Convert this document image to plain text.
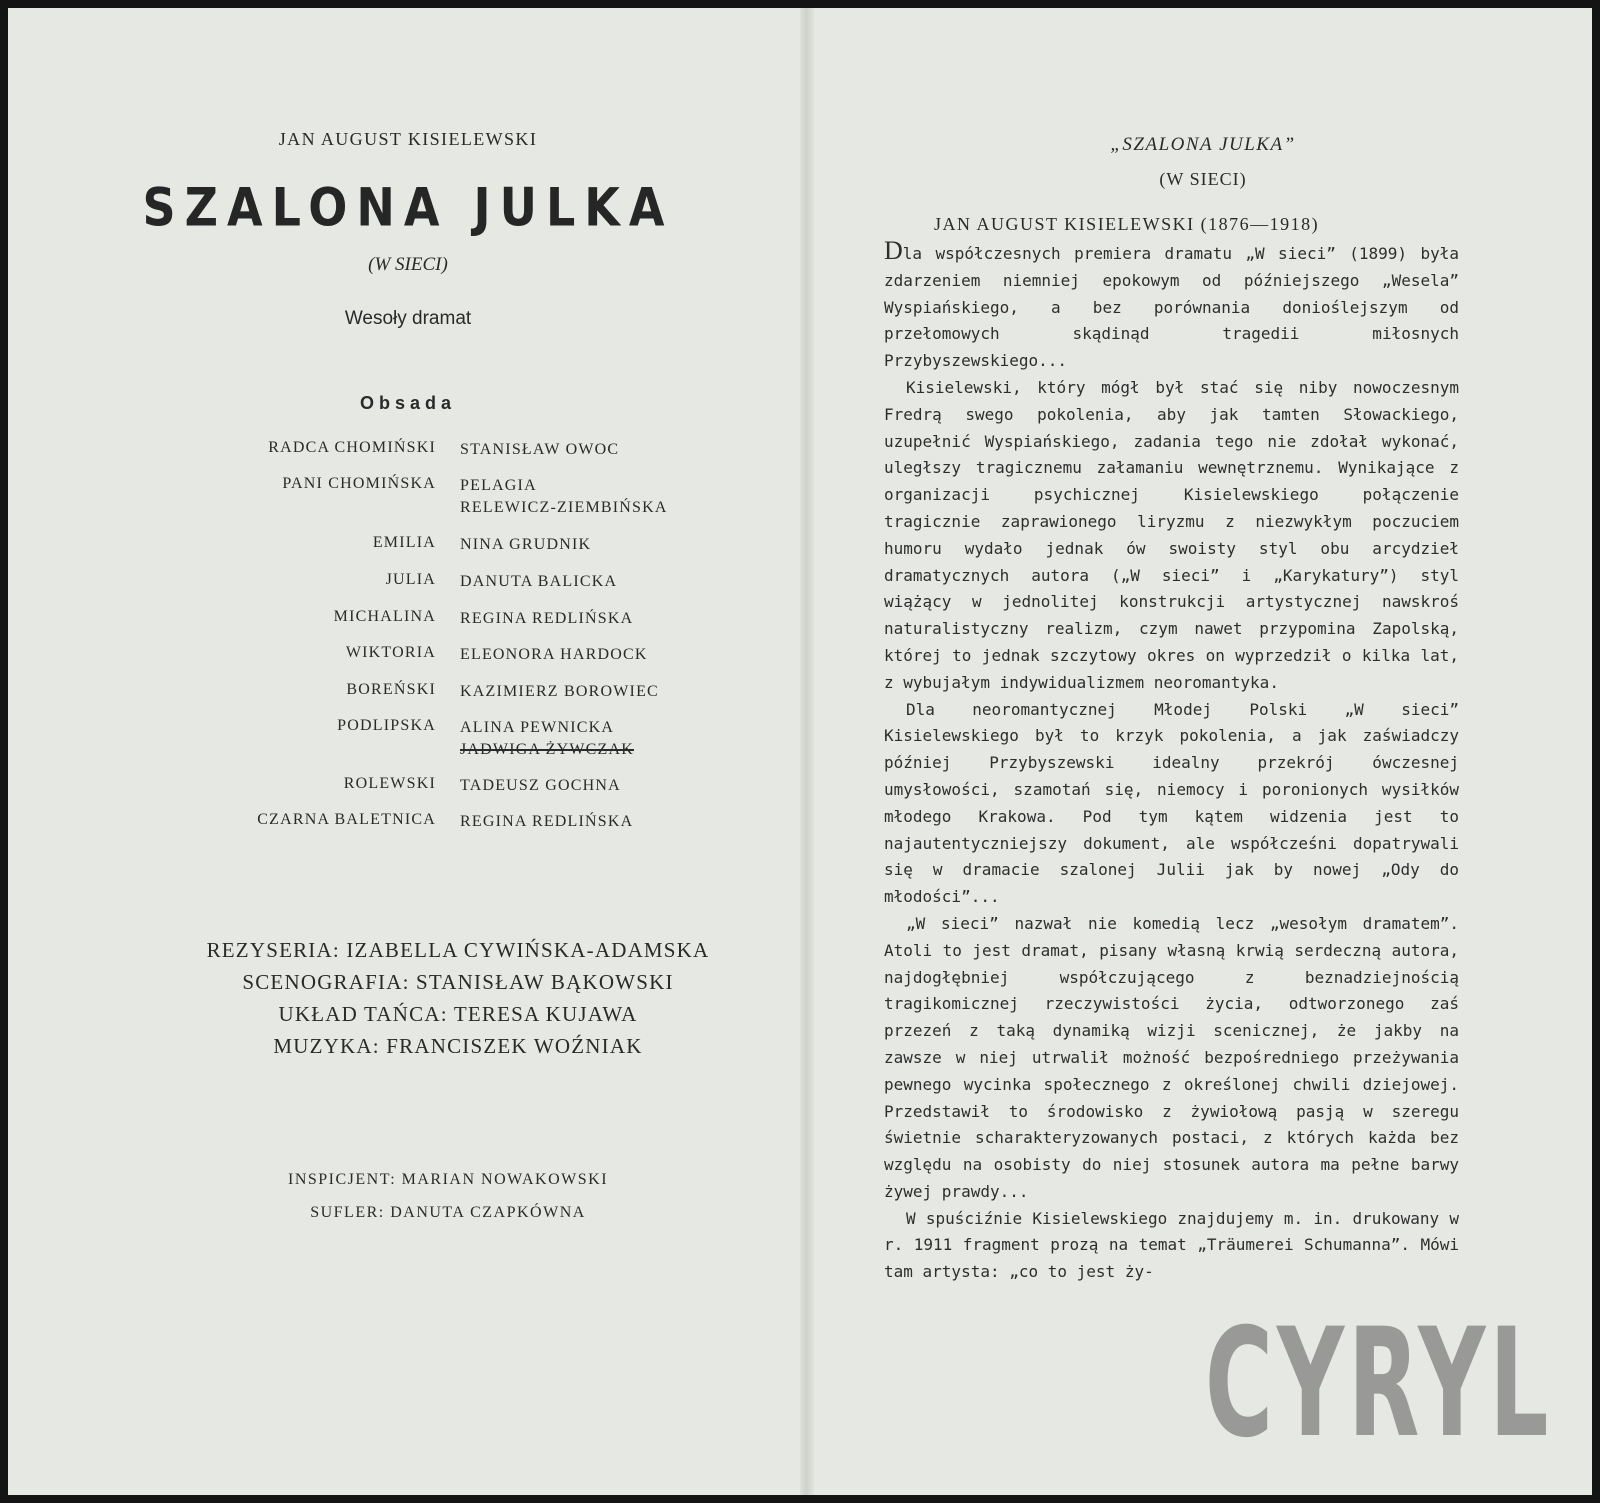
JAN AUGUST KISIELEWSKI
SZALONA JULKA
(W SIECI)
Wesoły dramat
Obsada
RADCA CHOMIŃSKI STANISŁAW OWOC
PANI CHOMIŃSKA PELAGIA
RELEWICZ-ZIEMBIŃSKA
EMILIA NINA GRUDNIK
JULIA DANUTA BALICKA
MICHALINA REGINA REDLIŃSKA
WIKTORIA ELEONORA HARDOCK
BOREŃSKI KAZIMIERZ BOROWIEC
PODLIPSKA ALINA PEWNICKA
JADWIGA ŻYWCZAK
ROLEWSKI TADEUSZ GOCHNA
CZARNA BALETNICA REGINA REDLIŃSKA
REZYSERIA: IZABELLA CYWIŃSKA-ADAMSKA
SCENOGRAFIA: STANISŁAW BĄKOWSKI
UKŁAD TAŃCA: TERESA KUJAWA
MUZYKA: FRANCISZEK WOŹNIAK
INSPICJENT: MARIAN NOWAKOWSKI
SUFLER: DANUTA CZAPKÓWNA
„SZALONA JULKA”
(W SIECI)
JAN AUGUST KISIELEWSKI (1876—1918)

Dla współczesnych premiera dramatu „W sieci” (1899) była zdarzeniem niemniej epokowym od późniejszego „Wesela” Wyspiańskiego, a bez porównania donioślejszym od przełomowych skądinąd tragedii miłosnych Przybyszewskiego...

Kisielewski, który mógł był stać się niby nowoczesnym Fredrą swego pokolenia, aby jak tamten Słowackiego, uzupełnić Wyspiańskiego, zadania tego nie zdołał wykonać, uległszy tragicznemu załamaniu wewnętrznemu. Wynikające z organizacji psychicznej Kisielewskiego połączenie tragicznie zaprawionego liryzmu z niezwykłym poczuciem humoru wydało jednak ów swoisty styl obu arcydzieł dramatycznych autora („W sieci” i „Karykatury”) styl wiążący w jednolitej konstrukcji artystycznej nawskroś naturalistyczny realizm, czym nawet przypomina Zapolską, której to jednak szczytowy okres on wyprzedził o kilka lat, z wybujałym indywidualizmem neoromantyka.

Dla neoromantycznej Młodej Polski „W sieci” Kisielewskiego był to krzyk pokolenia, a jak zaświadczy później Przybyszewski idealny przekrój ówczesnej umysłowości, szamotań się, niemocy i poronionych wysiłków młodego Krakowa. Pod tym kątem widzenia jest to najautentyczniejszy dokument, ale współcześni dopatrywali się w dramacie szalonej Julii jak by nowej „Ody do młodości”...

„W sieci” nazwał nie komedią lecz „wesołym dramatem”. Atoli to jest dramat, pisany własną krwią serdeczną autora, najdogłębniej współczującego z beznadziejnością tragikomicznej rzeczywistości życia, odtworzonego zaś przezeń z taką dynamiką wizji scenicznej, że jakby na zawsze w niej utrwalił możność bezpośredniego przeżywania pewnego wycinka społecznego z określonej chwili dziejowej. Przedstawił to środowisko z żywiołową pasją w szeregu świetnie scharakteryzowanych postaci, z których każda bez względu na osobisty do niej stosunek autora ma pełne barwy żywej prawdy...

W spuściźnie Kisielewskiego znajdujemy m. in. drukowany w r. 1911 fragment prozą na temat „Träumerei Schumanna”. Mówi tam artysta: „co to jest ży-

CYRYL
